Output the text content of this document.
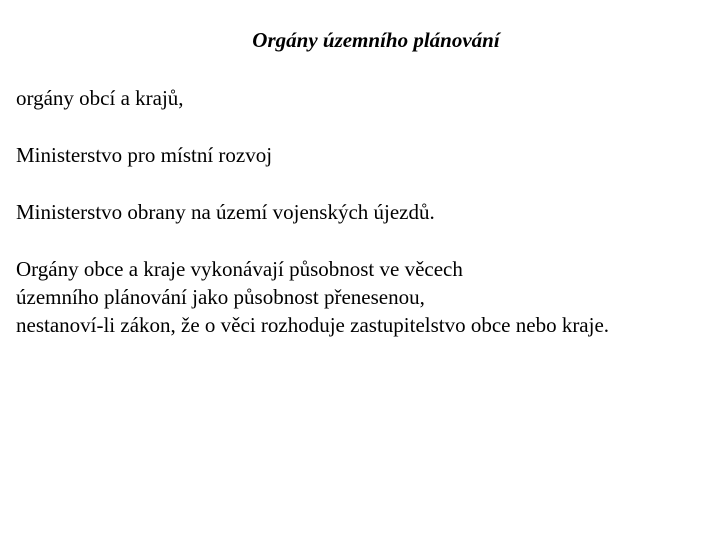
Orgány územního plánování

orgány obcí a krajů,

Ministerstvo pro místní rozvoj

Ministerstvo obrany na území vojenských újezdů.

Orgány obce a kraje vykonávají působnost ve věcech
územního plánování jako působnost přenesenou,
nestanoví-li zákon, že o věci rozhoduje zastupitelstvo obce nebo kraje.
